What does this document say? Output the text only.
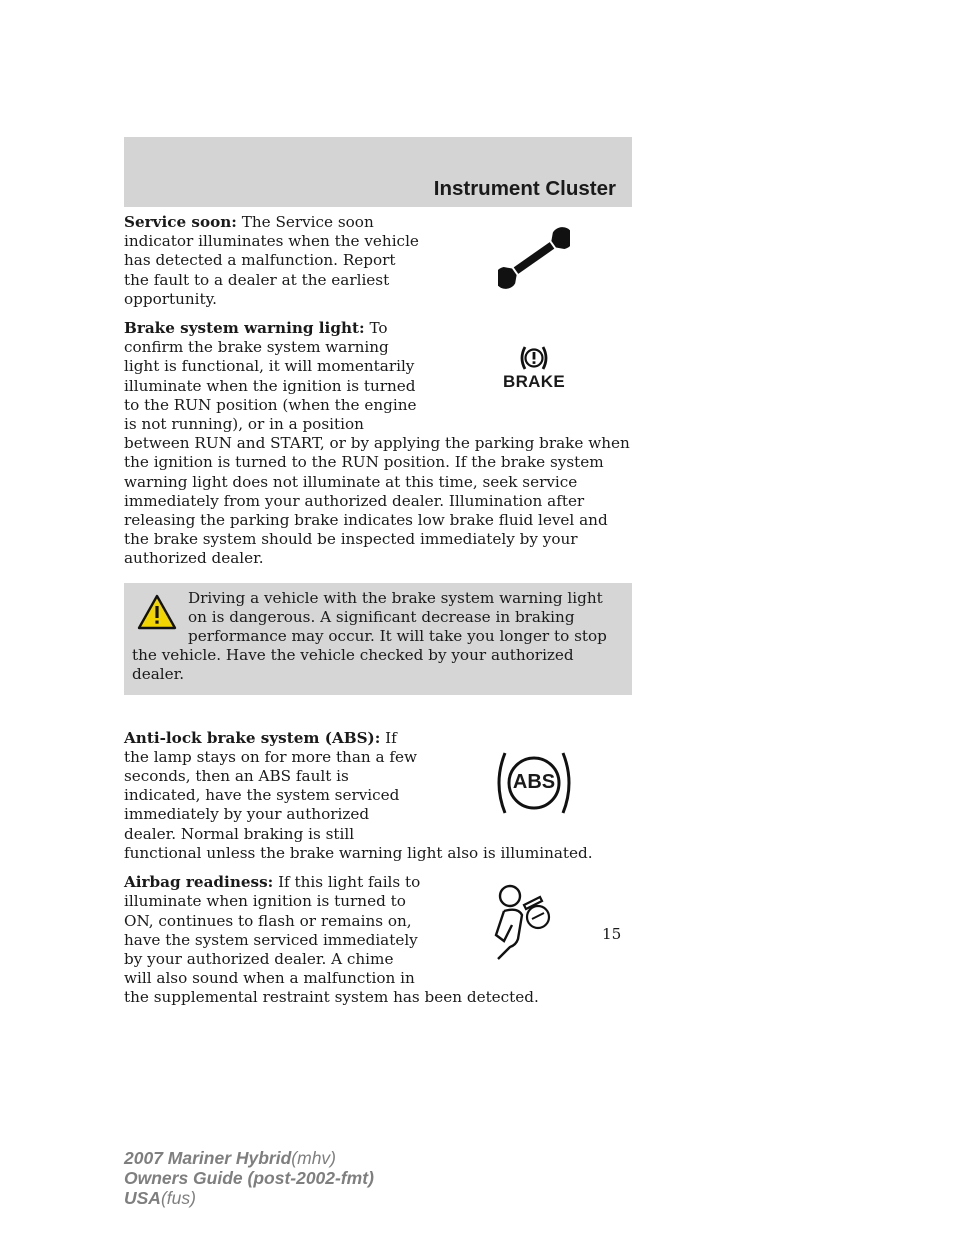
Instrument Cluster
Service soon: The Service soon indicator illuminates when the vehicle has detected a malfunction. Report the fault to a dealer at the earliest opportunity.
BRAKE
Brake system warning light: To confirm the brake system warning light is functional, it will momentarily illuminate when the ignition is turned to the RUN position (when the engine is not running), or in a position between RUN and START, or by applying the parking brake when the ignition is turned to the RUN position. If the brake system warning light does not illuminate at this time, seek service immediately from your authorized dealer. Illumination after releasing the parking brake indicates low brake fluid level and the brake system should be inspected immediately by your authorized dealer.

Driving a vehicle with the brake system warning light on is dangerous. A significant decrease in braking performance may occur. It will take you longer to stop the vehicle. Have the vehicle checked by your authorized dealer.

ABS
Anti-lock brake system (ABS): If the lamp stays on for more than a few seconds, then an ABS fault is indicated, have the system serviced immediately by your authorized dealer. Normal braking is still functional unless the brake warning light also is illuminated.
Airbag readiness: If this light fails to illuminate when ignition is turned to ON, continues to flash or remains on, have the system serviced immediately by your authorized dealer. A chime will also sound when a malfunction in the supplemental restraint system has been detected.
15
2007 Mariner Hybrid(mhv)
Owners Guide (post-2002-fmt)
USA(fus)
